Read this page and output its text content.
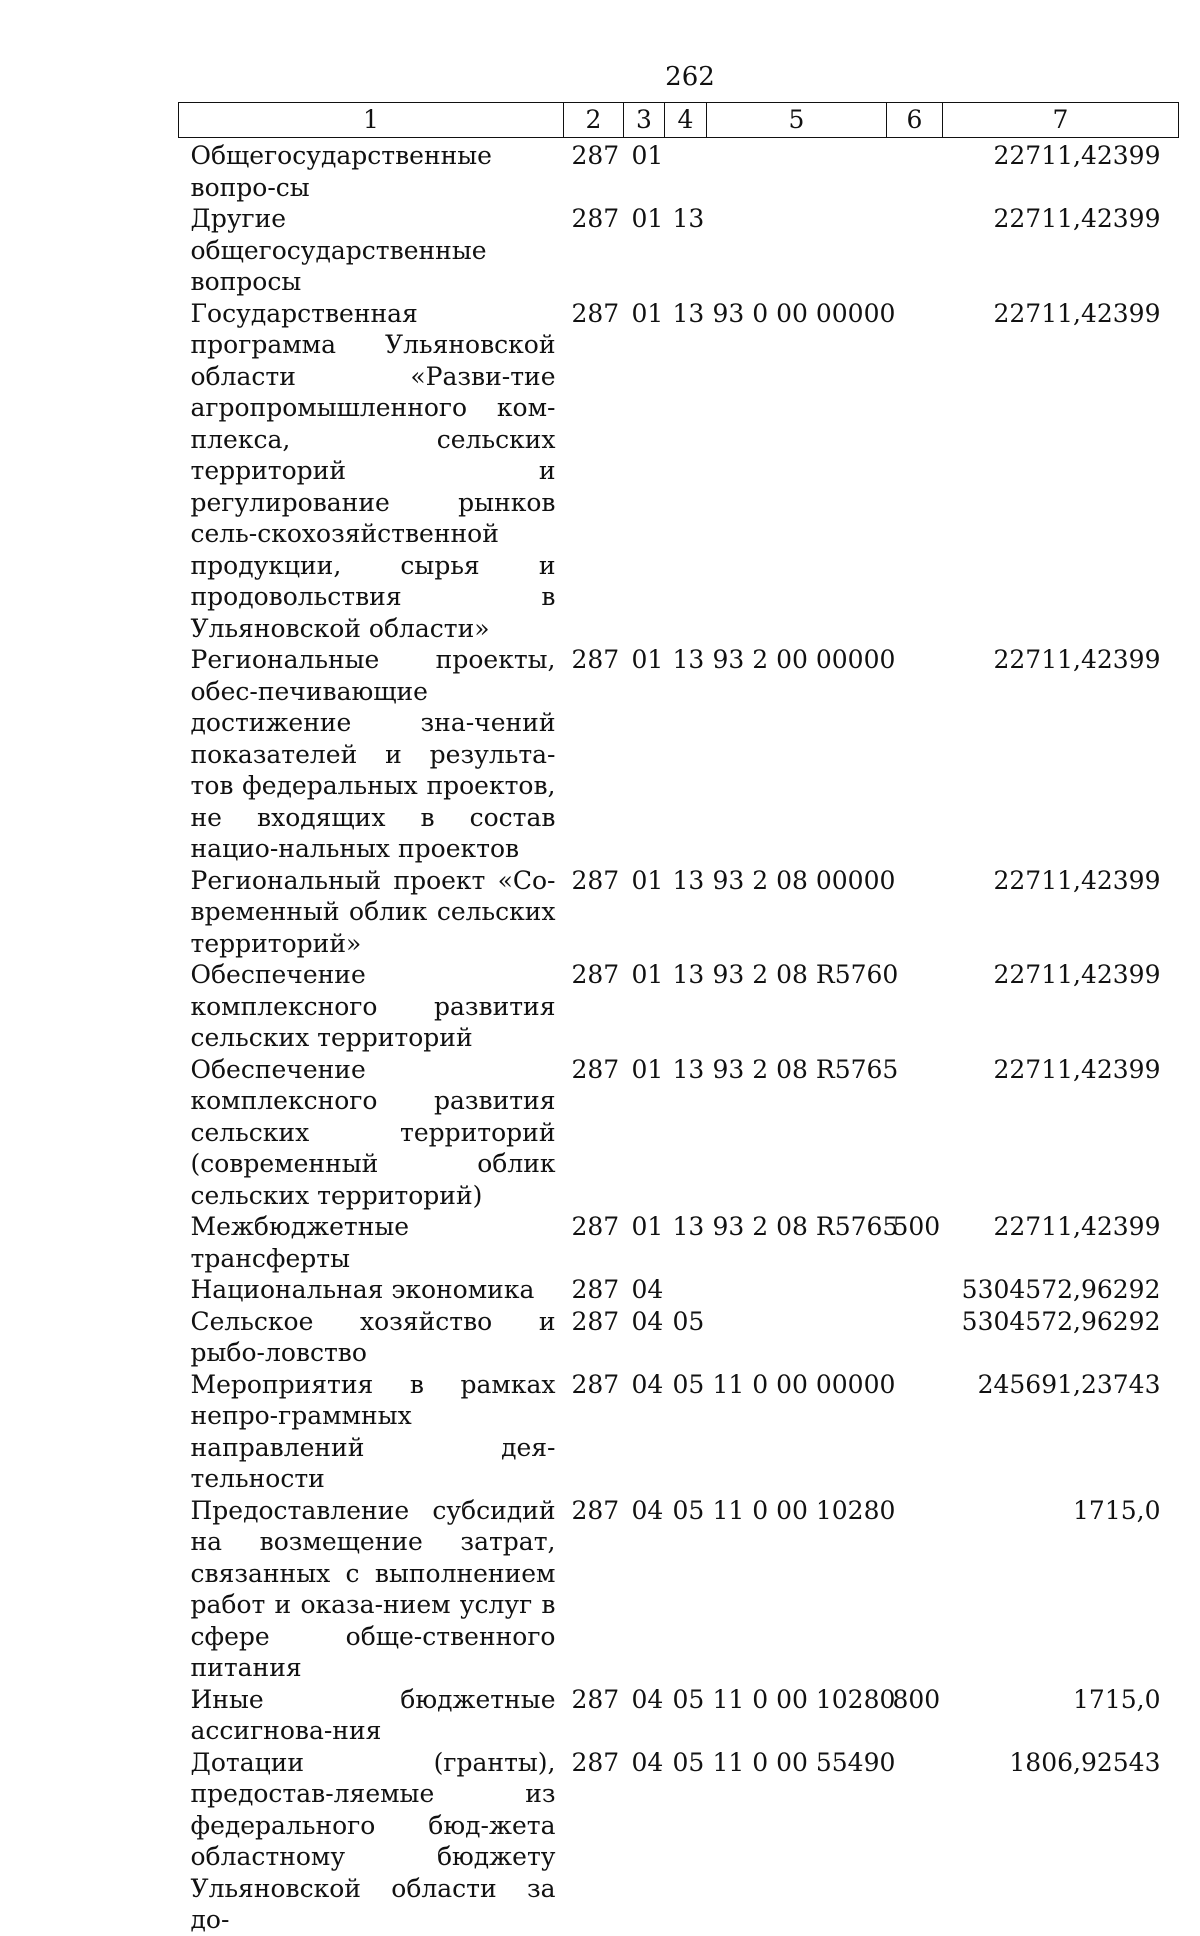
262
1	2	3	4	5	6	7
Общегосударственные вопро-сы	287	01				22711,42399
Другие общегосударственные вопросы	287	01	13			22711,42399
Государственная программа Ульяновской области «Разви-тие агропромышленного ком-плекса, сельских территорий и регулирование рынков сель-скохозяйственной продукции, сырья и продовольствия в Ульяновской области»	287	01	13	93 0 00 00000		22711,42399
Региональные проекты, обес-печивающие достижение зна-чений показателей и результа-тов федеральных проектов, не входящих в состав нацио-нальных проектов	287	01	13	93 2 00 00000		22711,42399
Региональный проект «Со-временный облик сельских территорий»	287	01	13	93 2 08 00000		22711,42399
Обеспечение комплексного развития сельских территорий	287	01	13	93 2 08 R5760		22711,42399
Обеспечение комплексного развития сельских территорий (современный облик сельских территорий)	287	01	13	93 2 08 R5765		22711,42399
Межбюджетные трансферты	287	01	13	93 2 08 R5765	500	22711,42399
Национальная экономика	287	04				5304572,96292
Сельское хозяйство и рыбо-ловство	287	04	05			5304572,96292
Мероприятия в рамках непро-граммных направлений дея-тельности	287	04	05	11 0 00 00000		245691,23743
Предоставление субсидий на возмещение затрат, связанных с выполнением работ и оказа-нием услуг в сфере обще-ственного питания	287	04	05	11 0 00 10280		1715,0
Иные бюджетные ассигнова-ния	287	04	05	11 0 00 10280	800	1715,0
Дотации (гранты), предостав-ляемые из федерального бюд-жета областному бюджету Ульяновской области за до-	287	04	05	11 0 00 55490		1806,92543
